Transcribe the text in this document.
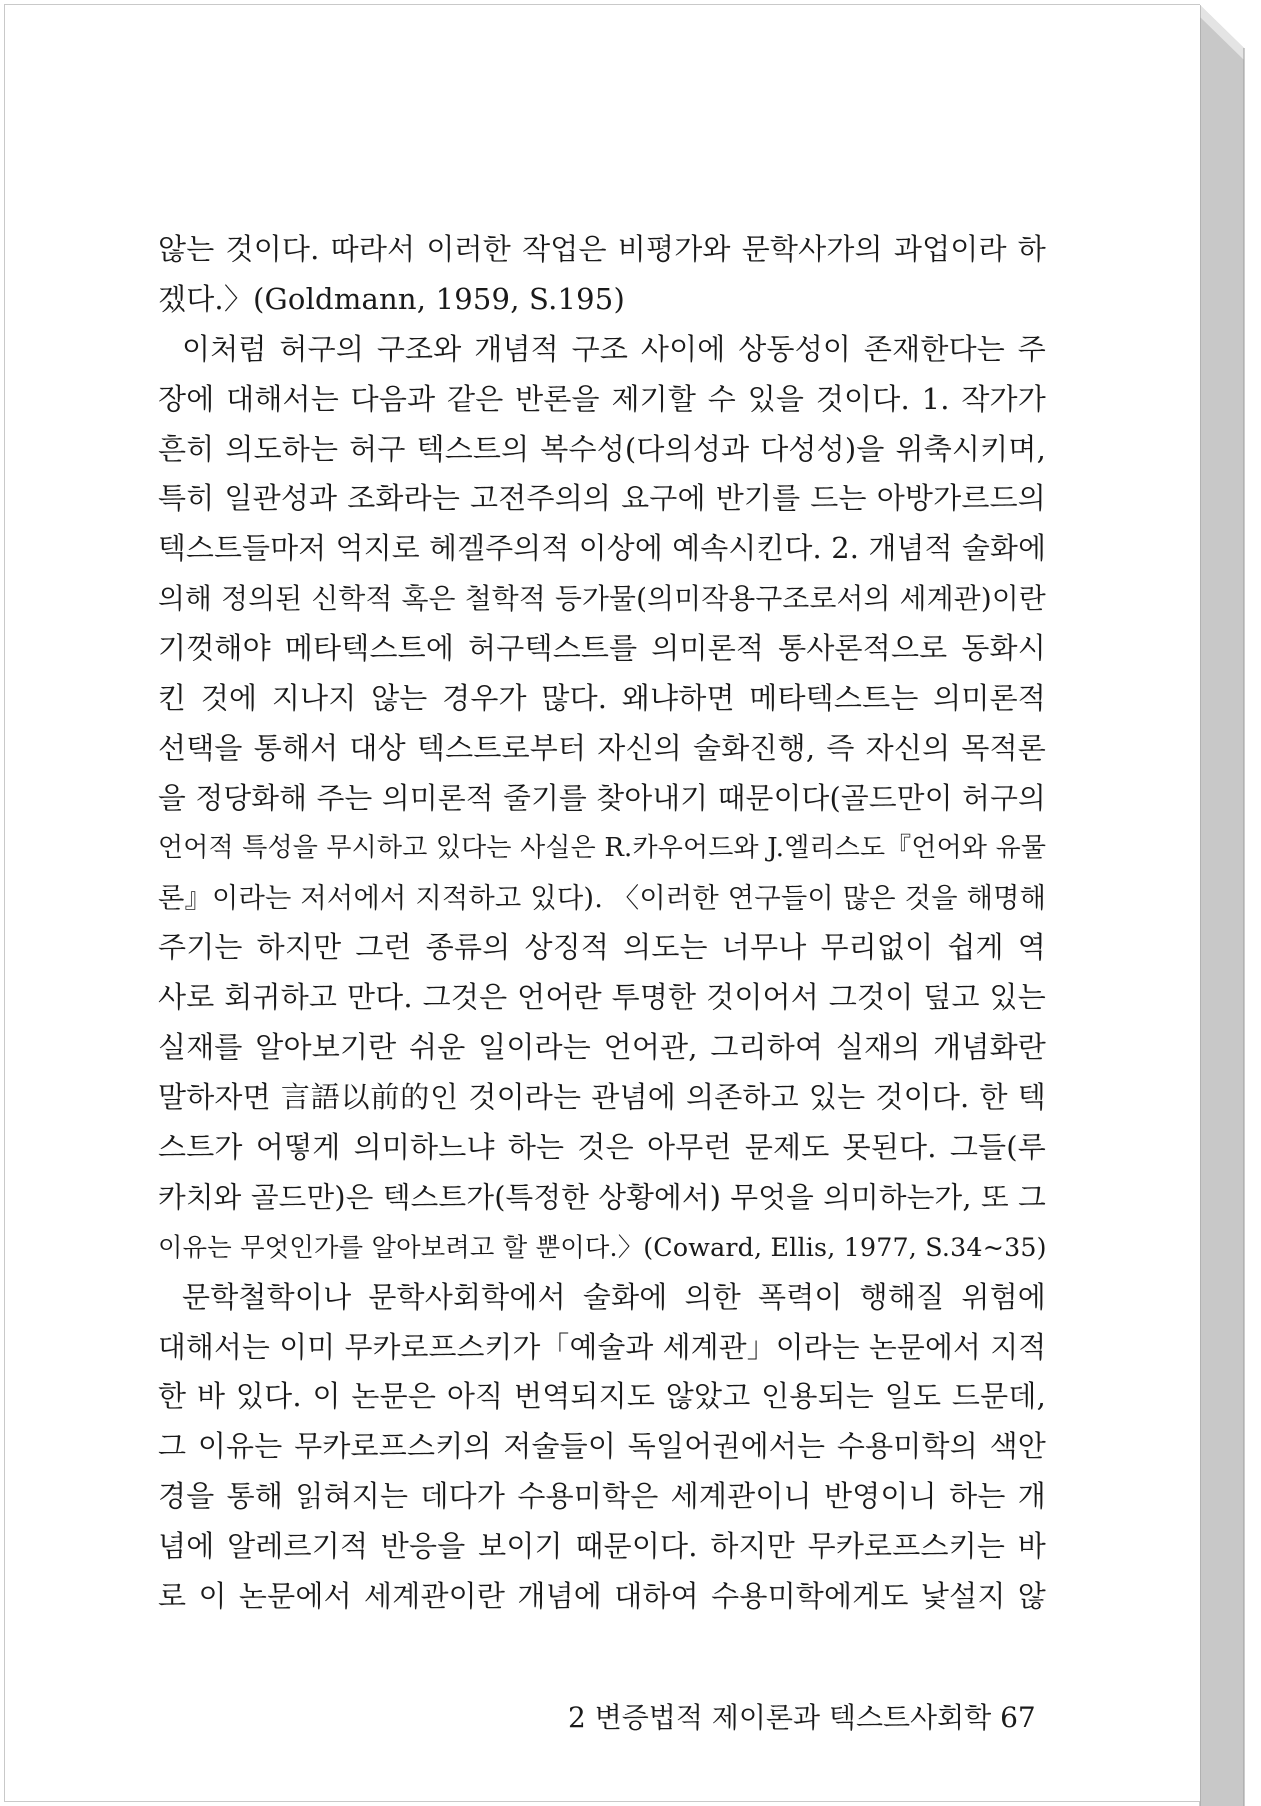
않는 것이다. 따라서 이러한 작업은 비평가와 문학사가의 과업이라 하
겠다.〉(Goldmann, 1959, S.195)
이처럼 허구의 구조와 개념적 구조 사이에 상동성이 존재한다는 주
장에 대해서는 다음과 같은 반론을 제기할 수 있을 것이다. 1. 작가가
흔히 의도하는 허구 텍스트의 복수성(다의성과 다성성)을 위축시키며,
특히 일관성과 조화라는 고전주의의 요구에 반기를 드는 아방가르드의
텍스트들마저 억지로 헤겔주의적 이상에 예속시킨다. 2. 개념적 술화에
의해 정의된 신학적 혹은 철학적 등가물(의미작용구조로서의 세계관)이란
기껏해야 메타텍스트에 허구텍스트를 의미론적 통사론적으로 동화시
킨 것에 지나지 않는 경우가 많다. 왜냐하면 메타텍스트는 의미론적
선택을 통해서 대상 텍스트로부터 자신의 술화진행, 즉 자신의 목적론
을 정당화해 주는 의미론적 줄기를 찾아내기 때문이다(골드만이 허구의
언어적 특성을 무시하고 있다는 사실은 R.카우어드와 J.엘리스도『언어와 유물
론』이라는 저서에서 지적하고 있다). 〈이러한 연구들이 많은 것을 해명해
주기는 하지만 그런 종류의 상징적 의도는 너무나 무리없이 쉽게 역
사로 회귀하고 만다. 그것은 언어란 투명한 것이어서 그것이 덮고 있는
실재를 알아보기란 쉬운 일이라는 언어관, 그리하여 실재의 개념화란
말하자면 言語以前的인 것이라는 관념에 의존하고 있는 것이다. 한 텍
스트가 어떻게 의미하느냐 하는 것은 아무런 문제도 못된다. 그들(루
카치와 골드만)은 텍스트가(특정한 상황에서) 무엇을 의미하는가, 또 그
이유는 무엇인가를 알아보려고 할 뿐이다.〉(Coward, Ellis, 1977, S.34~35)
문학철학이나 문학사회학에서 술화에 의한 폭력이 행해질 위험에
대해서는 이미 무카로프스키가「예술과 세계관」이라는 논문에서 지적
한 바 있다. 이 논문은 아직 번역되지도 않았고 인용되는 일도 드문데,
그 이유는 무카로프스키의 저술들이 독일어권에서는 수용미학의 색안
경을 통해 읽혀지는 데다가 수용미학은 세계관이니 반영이니 하는 개
념에 알레르기적 반응을 보이기 때문이다. 하지만 무카로프스키는 바
로 이 논문에서 세계관이란 개념에 대하여 수용미학에게도 낯설지 않
2 변증법적 제이론과 텍스트사회학 67
